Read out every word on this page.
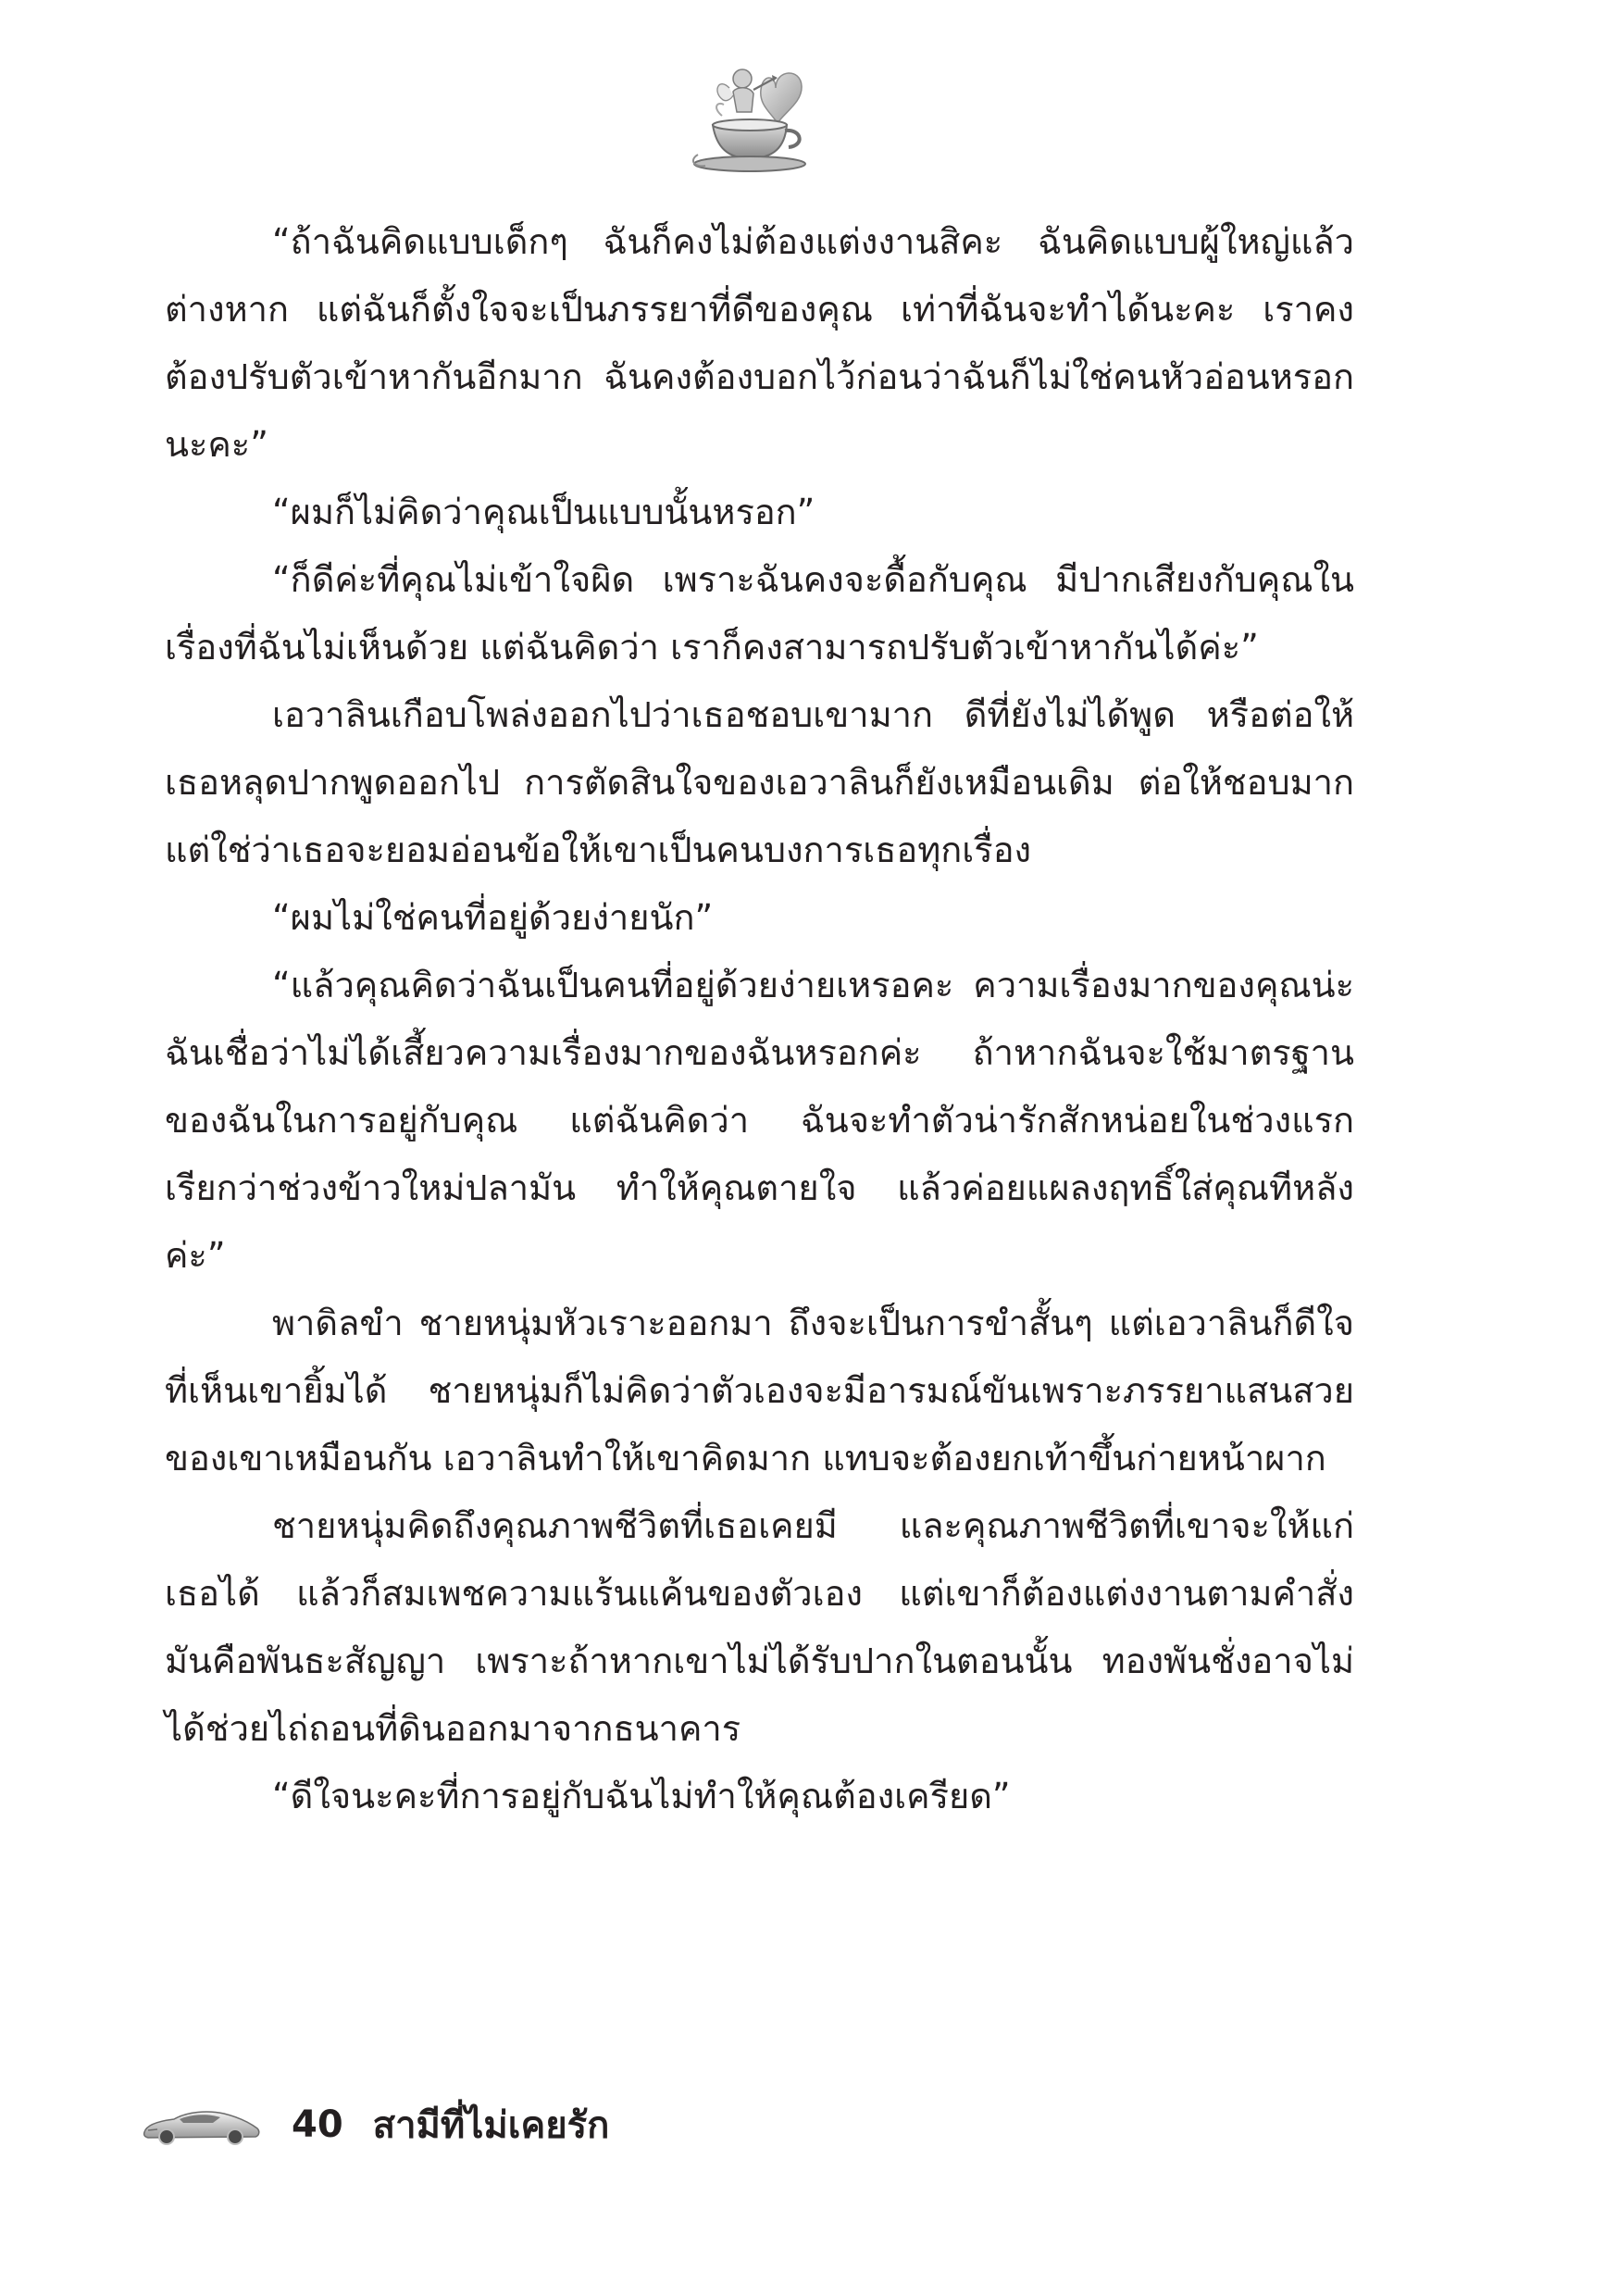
“ถ้าฉันคิดแบบเด็กๆ ฉันก็คงไม่ต้องแต่งงานสิคะ ฉันคิดแบบผู้ใหญ่แล้วต่างหาก แต่ฉันก็ตั้งใจจะเป็นภรรยาที่ดีของคุณ เท่าที่ฉันจะทำได้นะคะ เราคงต้องปรับตัวเข้าหากันอีกมาก ฉันคงต้องบอกไว้ก่อนว่าฉันก็ไม่ใช่คนหัวอ่อนหรอกนะคะ”

“ผมก็ไม่คิดว่าคุณเป็นแบบนั้นหรอก”

“ก็ดีค่ะที่คุณไม่เข้าใจผิด เพราะฉันคงจะดื้อกับคุณ มีปากเสียงกับคุณในเรื่องที่ฉันไม่เห็นด้วย แต่ฉันคิดว่า เราก็คงสามารถปรับตัวเข้าหากันได้ค่ะ”

เอวาลินเกือบโพล่งออกไปว่าเธอชอบเขามาก ดีที่ยังไม่ได้พูด หรือต่อให้เธอหลุดปากพูดออกไป การตัดสินใจของเอวาลินก็ยังเหมือนเดิม ต่อให้ชอบมาก แต่ใช่ว่าเธอจะยอมอ่อนข้อให้เขาเป็นคนบงการเธอทุกเรื่อง

“ผมไม่ใช่คนที่อยู่ด้วยง่ายนัก”

“แล้วคุณคิดว่าฉันเป็นคนที่อยู่ด้วยง่ายเหรอคะ ความเรื่องมากของคุณน่ะ ฉันเชื่อว่าไม่ได้เสี้ยวความเรื่องมากของฉันหรอกค่ะ ถ้าหากฉันจะใช้มาตรฐานของฉันในการอยู่กับคุณ แต่ฉันคิดว่า ฉันจะทำตัวน่ารักสักหน่อยในช่วงแรก เรียกว่าช่วงข้าวใหม่ปลามัน ทำให้คุณตายใจ แล้วค่อยแผลงฤทธิ์ใส่คุณทีหลังค่ะ”

พาดิลขำ ชายหนุ่มหัวเราะออกมา ถึงจะเป็นการขำสั้นๆ แต่เอวาลินก็ดีใจที่เห็นเขายิ้มได้ ชายหนุ่มก็ไม่คิดว่าตัวเองจะมีอารมณ์ขันเพราะภรรยาแสนสวยของเขาเหมือนกัน เอวาลินทำให้เขาคิดมาก แทบจะต้องยกเท้าขึ้นก่ายหน้าผาก

ชายหนุ่มคิดถึงคุณภาพชีวิตที่เธอเคยมี และคุณภาพชีวิตที่เขาจะให้แก่เธอได้ แล้วก็สมเพชความแร้นแค้นของตัวเอง แต่เขาก็ต้องแต่งงานตามคำสั่ง มันคือพันธะสัญญา เพราะถ้าหากเขาไม่ได้รับปากในตอนนั้น ทองพันชั่งอาจไม่ได้ช่วยไถ่ถอนที่ดินออกมาจากธนาคาร

“ดีใจนะคะที่การอยู่กับฉันไม่ทำให้คุณต้องเครียด”

40 สามีที่ไม่เคยรัก
